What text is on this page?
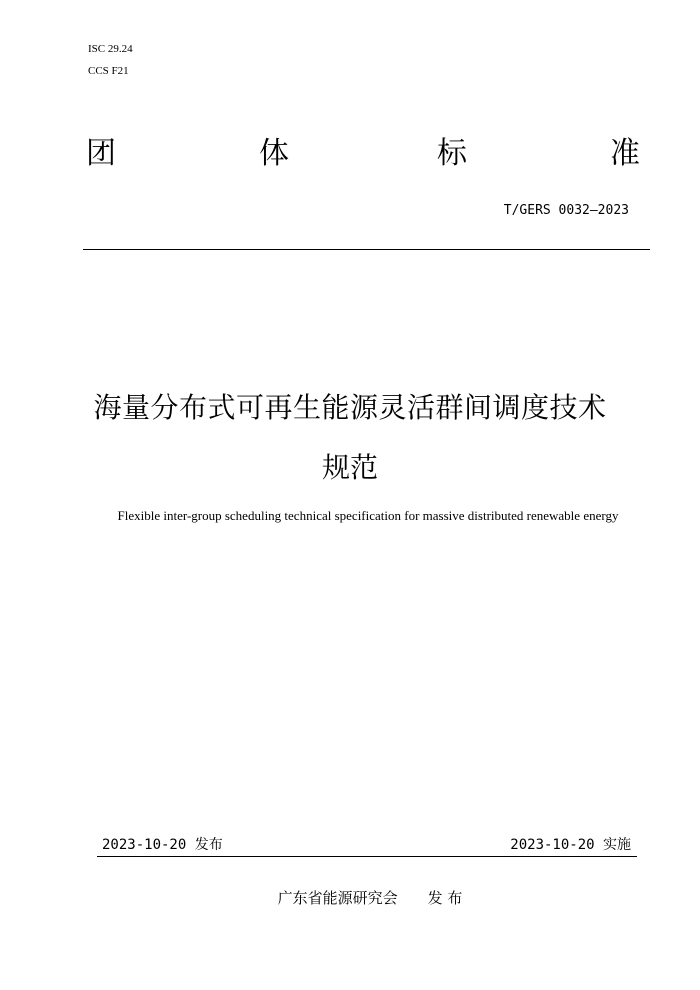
ISC 29.24
CCS F21
团	体	标	准
T/GERS 0032—2023
海量分布式可再生能源灵活群间调度技术
规范
Flexible inter-group scheduling technical specification for massive distributed renewable energy
2023-10-20 发布	2023-10-20 实施
广东省能源研究会　　发 布
